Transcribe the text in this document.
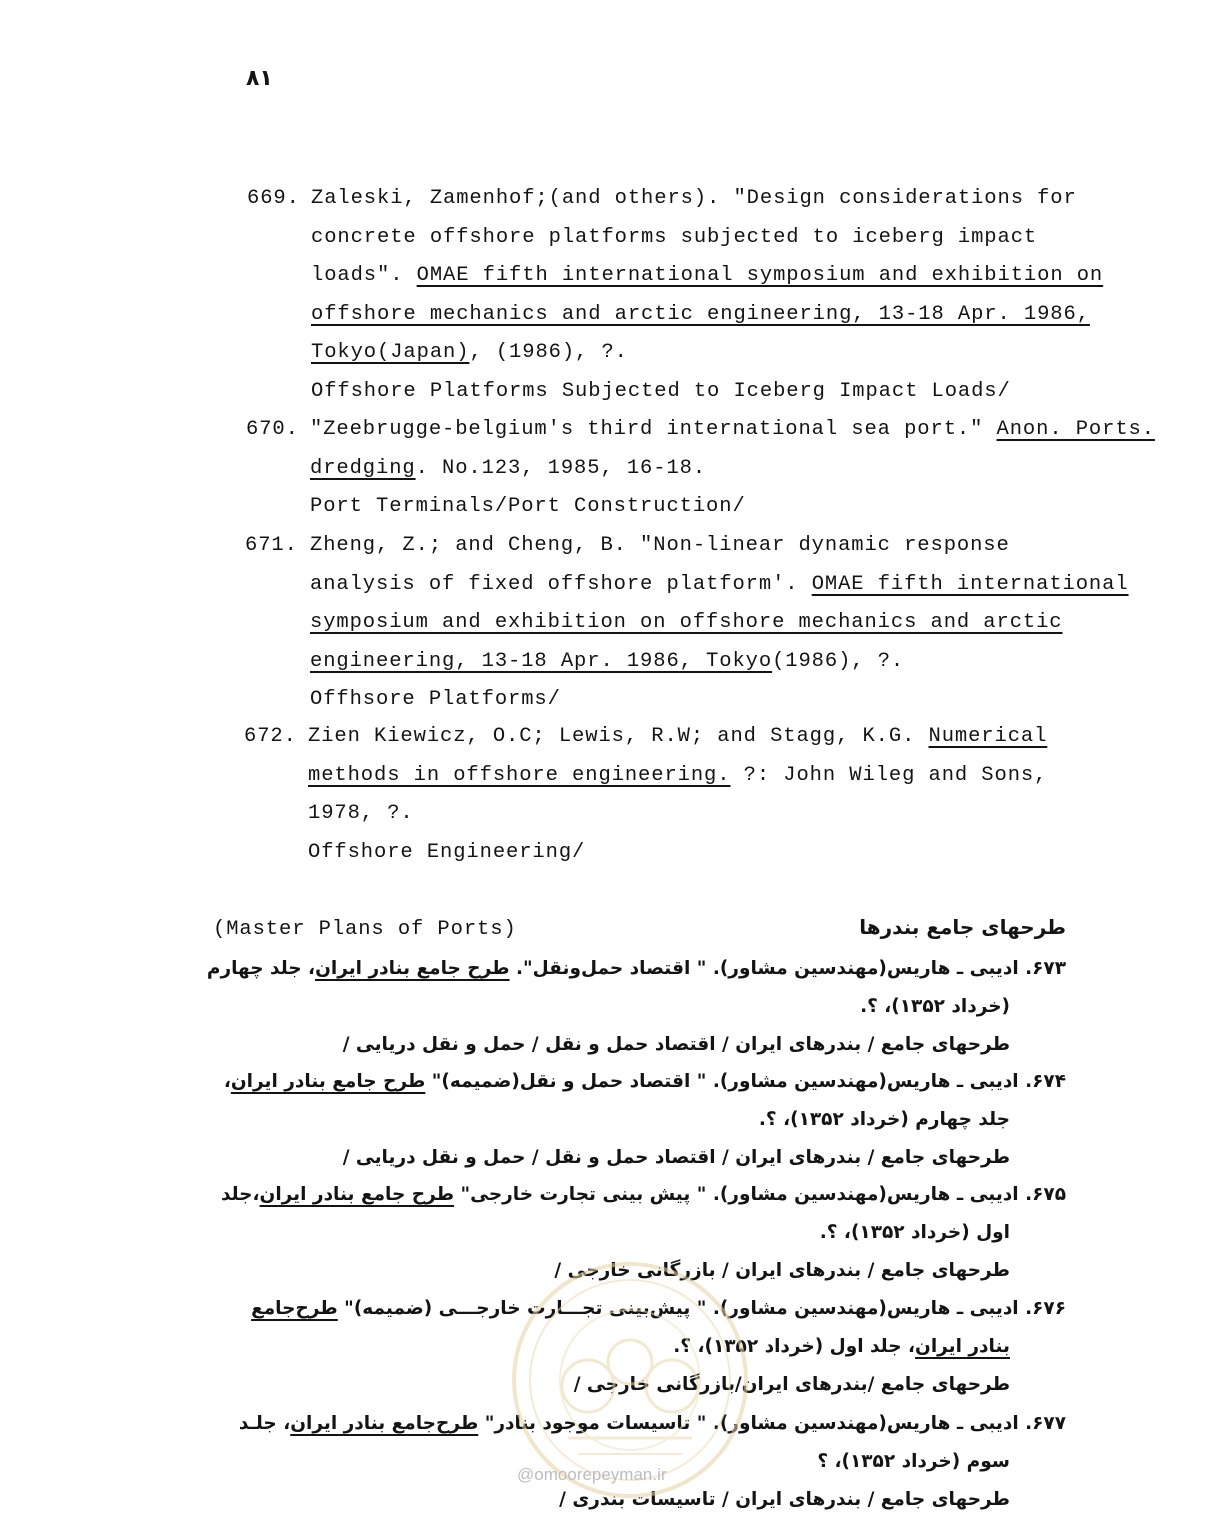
٨١
669. Zaleski, Zamenhof;(and others). "Design considerations for
concrete offshore platforms subjected to iceberg impact
loads". OMAE fifth international symposium and exhibition on
offshore mechanics and arctic engineering, 13-18 Apr. 1986,
Tokyo(Japan), (1986), ?.
Offshore Platforms Subjected to Iceberg Impact Loads/
670. "Zeebrugge-belgium's third international sea port." Anon. Ports.
dredging. No.123, 1985, 16-18.
Port Terminals/Port Construction/
671. Zheng, Z.; and Cheng, B. "Non-linear dynamic response
analysis of fixed offshore platform'. OMAE fifth international
symposium and exhibition on offshore mechanics and arctic
engineering, 13-18 Apr. 1986, Tokyo(1986), ?.
Offhsore Platforms/
672. Zien Kiewicz, O.C; Lewis, R.W; and Stagg, K.G. Numerical
methods in offshore engineering. ?: John Wileg and Sons,
1978, ?.
Offshore Engineering/
(Master Plans of Ports)	طرحهای جامع بندرها
۶۷۳. ادیبی ـ هاریس(مهندسین مشاور). " اقتصاد حمل‌ونقل". طرح جامع بنادر ایران، جلد چهارم
(خرداد ۱۳۵۲)، ؟.
طرحهای جامع / بندرهای ایران / اقتصاد حمل و نقل / حمل و نقل دریایی /
۶۷۴. ادیبی ـ هاریس(مهندسین مشاور). " اقتصاد حمل و نقل(ضمیمه)" طرح جامع بنادر ایران،
جلد چهارم (خرداد ۱۳۵۲)، ؟.
طرحهای جامع / بندرهای ایران / اقتصاد حمل و نقل / حمل و نقل دریایی /
۶۷۵. ادیبی ـ هاریس(مهندسین مشاور). " پیش بینی تجارت خارجی" طرح جامع بنادر ایران،جلد
اول (خرداد ۱۳۵۲)، ؟.
طرحهای جامع / بندرهای ایران / بازرگانی خارجی /
۶۷۶. ادیبی ـ هاریس(مهندسین مشاور). " پیش‌بینی تجـــارت خارجـــی (ضمیمه)" طرح‌جامع
بنادر ایران، جلد اول (خرداد ۱۳۵۲)، ؟.
طرحهای جامع /بندرهای ایران/بازرگانی خارجی /
۶۷۷. ادیبی ـ هاریس(مهندسین مشاور). " تاسیسات موجود بنادر" طرح‌جامع بنادر ایران، جلـد
سوم (خرداد ۱۳۵۲)، ؟
طرحهای جامع / بندرهای ایران / تاسیسات بندری /
@omoorepeyman.ir
